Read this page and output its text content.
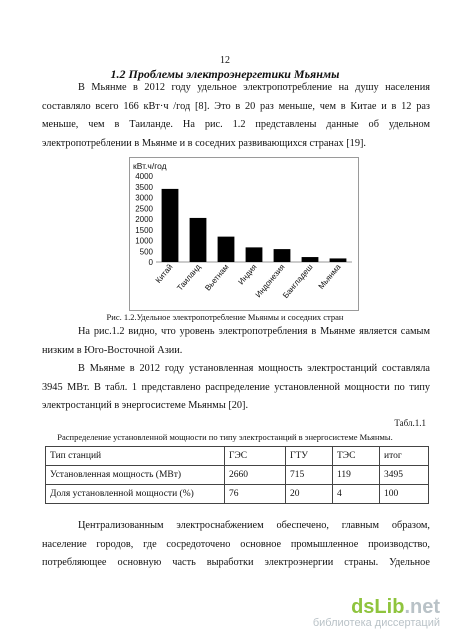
12
1.2 Проблемы электроэнергетики Мьянмы
В Мьянме в 2012 году удельное электропотребление на душу населения
составляло всего 166 кВт·ч /год [8]. Это в 20 раз меньше, чем в Китае и в 12 раз
меньше, чем в Таиланде. На рис. 1.2 представлены данные об удельном
электропотреблении в Мьянме и в соседних развивающихся странах [19].
кВт.ч/год
0
500
1000
1500
2000
2500
3000
3500
4000
Китай Таиланд Вьетнам Индия
Индонезия
Бангладеш Мьянма
Рис. 1.2.Удельное электропотребление Мьянмы и соседних стран
На рис.1.2 видно, что уровень электропотребления в Мьянме является самым
низким в Юго-Восточной Азии.
В Мьянме в 2012 году установленная мощность электростанций составляла
3945 МВт. В табл. 1 представлено распределение установленной мощности по типу
электростанций в энергосистеме Мьянмы [20].
Табл.1.1
Распределение установленной мощности по типу электростанций в энергосистеме Мьянмы.
Тип станций	ГЭС	ГТУ	ТЭС	итог
Установленная мощность (МВт)	2660	715	119	3495
Доля установленной мощности (%)	76	20	4	100
Централизованным электроснабжением обеспечено, главным образом,
население городов, где сосредоточено основное промышленное производство,
потребляющее основную часть выработки электроэнергии страны. Удельное
dsLib.net
библиотека диссертаций
